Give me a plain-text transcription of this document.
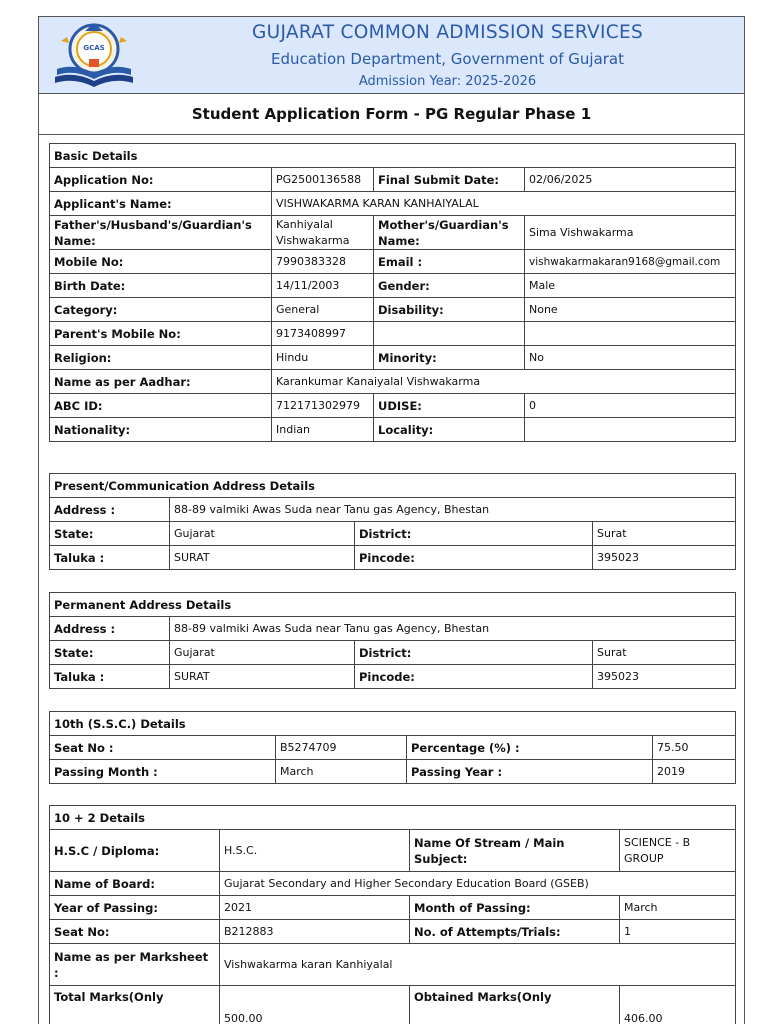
GCAS
GUJARAT COMMON ADMISSION SERVICES
Education Department, Government of Gujarat
Admission Year: 2025-2026
Student Application Form - PG Regular Phase 1
Basic Details			
Application No:	PG2500136588	Final Submit Date:	02/06/2025
Applicant's Name:	VISHWAKARMA KARAN KANHAIYALAL		
Father's/Husband's/Guardian's Name:	Kanhiyalal Vishwakarma	Mother's/Guardian's Name:	Sima Vishwakarma
Mobile No:	7990383328	Email :	vishwakarmakaran9168@gmail.com
Birth Date:	14/11/2003	Gender:	Male
Category:	General	Disability:	None
Parent's Mobile No:	9173408997		
Religion:	Hindu	Minority:	No
Name as per Aadhar:	Karankumar Kanaiyalal Vishwakarma		
ABC ID:	712171302979	UDISE:	0
Nationality:	Indian	Locality:	
Present/Communication Address Details			
Address :	88-89 valmiki Awas Suda near Tanu gas Agency, Bhestan		
State:	Gujarat	District:	Surat
Taluka :	SURAT	Pincode:	395023
Permanent Address Details			
Address :	88-89 valmiki Awas Suda near Tanu gas Agency, Bhestan		
State:	Gujarat	District:	Surat
Taluka :	SURAT	Pincode:	395023
10th (S.S.C.) Details			
Seat No :	B5274709	Percentage (%) :	75.50
Passing Month :	March	Passing Year :	2019
10 + 2 Details			
H.S.C / Diploma:	H.S.C.	Name Of Stream / Main Subject:	SCIENCE - B GROUP
Name of Board:	Gujarat Secondary and Higher Secondary Education Board (GSEB)		
Year of Passing:	2021	Month of Passing:	March
Seat No:	B212883	No. of Attempts/Trials:	1
Name as per Marksheet :	Vishwakarma karan Kanhiyalal		
Total Marks(Only	500.00	Obtained Marks(Only	406.00
